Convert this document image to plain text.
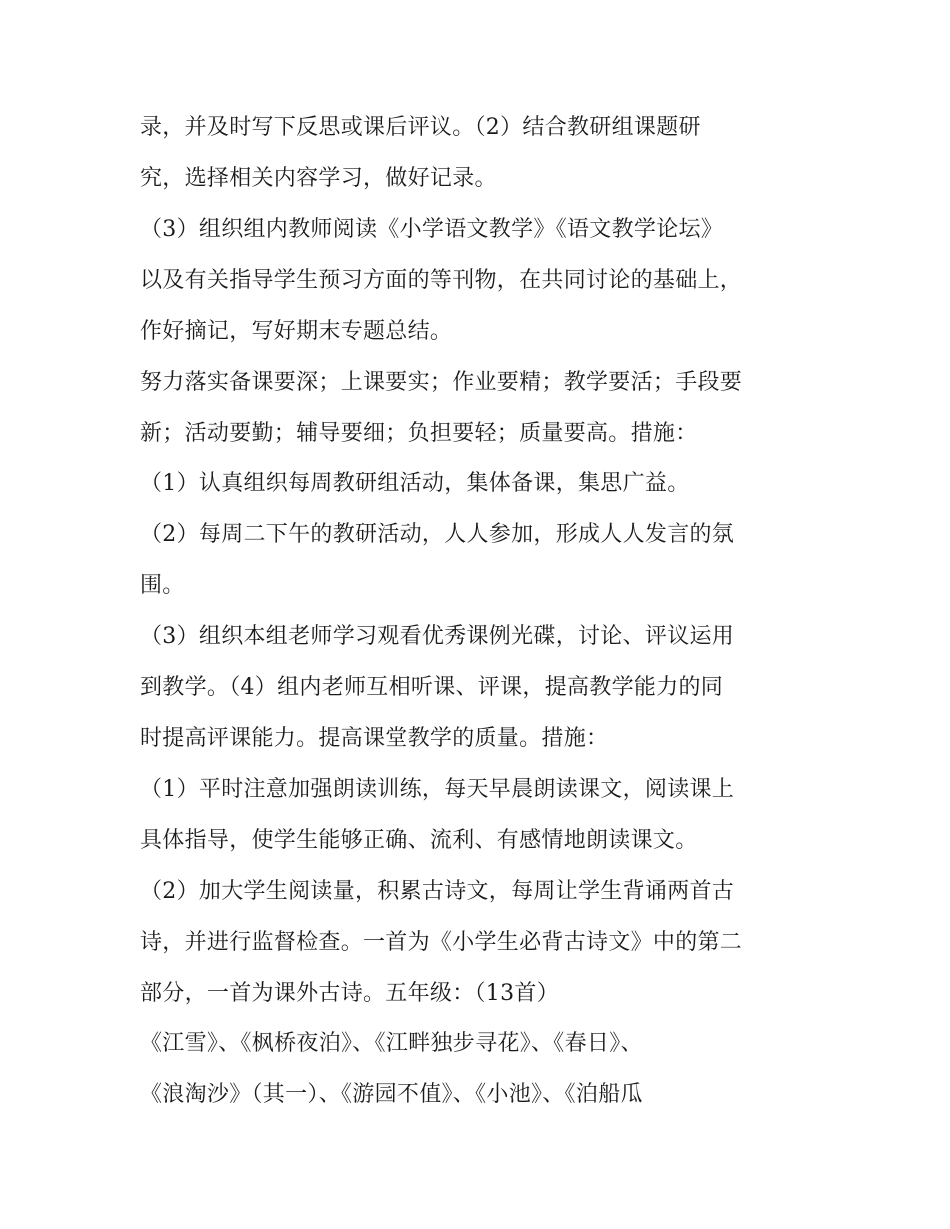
录，并及时写下反思或课后评议。（2）结合教研组课题研
究，选择相关内容学习，做好记录。
（3）组织组内教师阅读《小学语文教学》《语文教学论坛》
以及有关指导学生预习方面的等刊物，在共同讨论的基础上，
作好摘记，写好期末专题总结。
努力落实备课要深；上课要实；作业要精；教学要活；手段要
新；活动要勤；辅导要细；负担要轻；质量要高。措施：
（1）认真组织每周教研组活动，集体备课，集思广益。
（2）每周二下午的教研活动，人人参加，形成人人发言的氛
围。
（3）组织本组老师学习观看优秀课例光碟，讨论、评议运用
到教学。（4）组内老师互相听课、评课，提高教学能力的同
时提高评课能力。提高课堂教学的质量。措施：
（1）平时注意加强朗读训练，每天早晨朗读课文，阅读课上
具体指导，使学生能够正确、流利、有感情地朗读课文。
（2）加大学生阅读量，积累古诗文，每周让学生背诵两首古
诗，并进行监督检查。一首为《小学生必背古诗文》中的第二
部分，一首为课外古诗。五年级：（13首）
《江雪》、《枫桥夜泊》、《江畔独步寻花》、《春日》、
《浪淘沙》（其一）、《游园不值》、《小池》、《泊船瓜
